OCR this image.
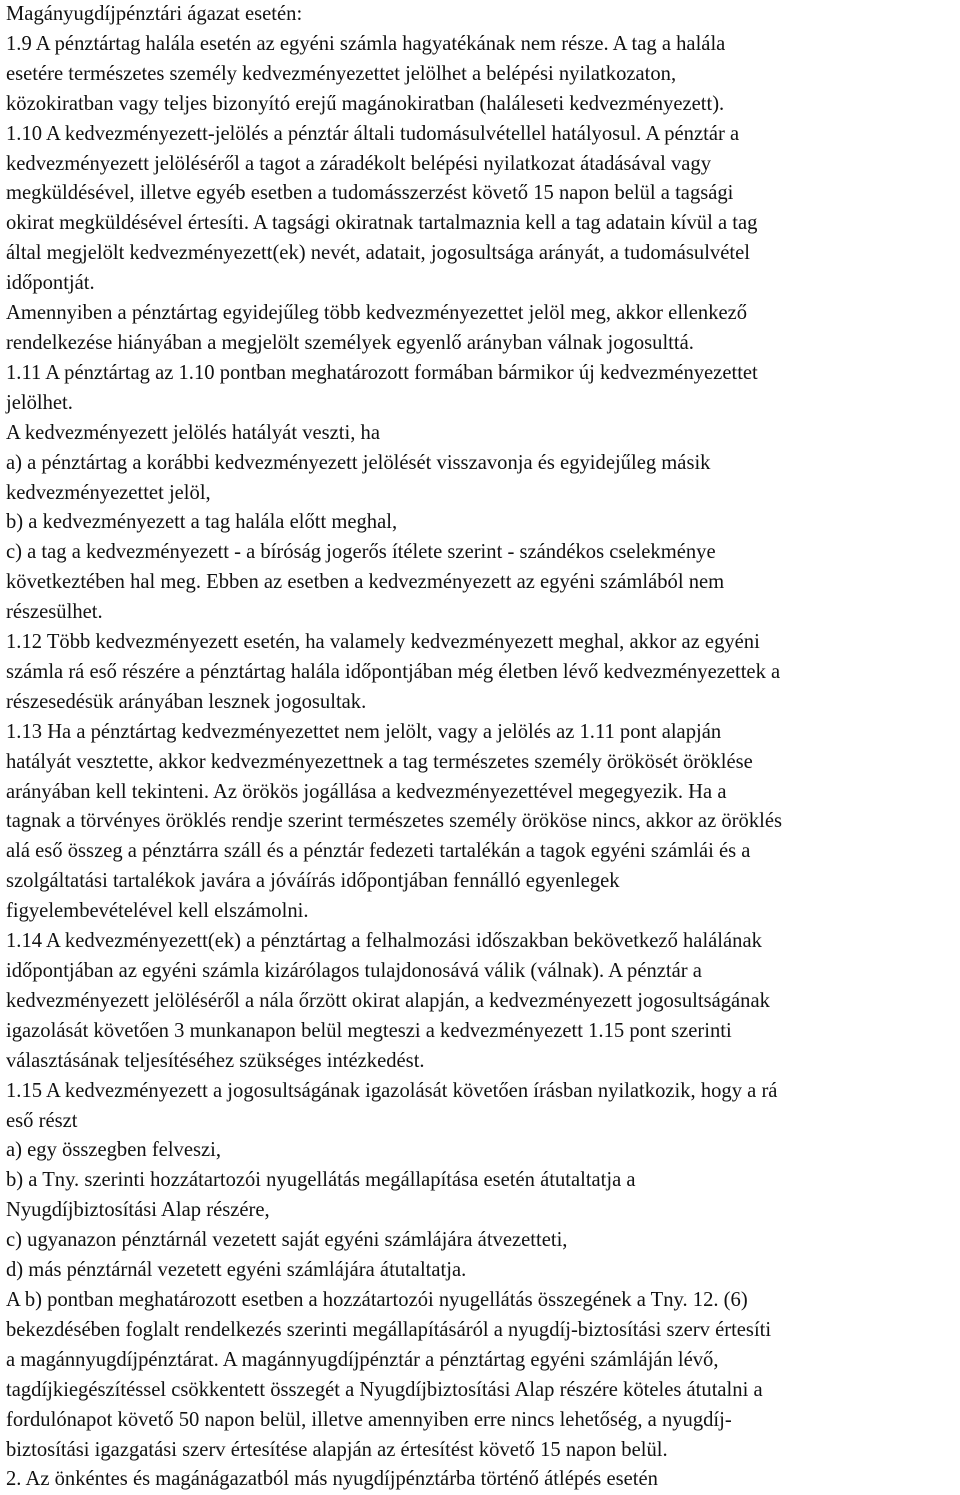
Magányugdíjpénztári ágazat esetén:
1.9 A pénztártag halála esetén az egyéni számla hagyatékának nem része. A tag a halála
esetére természetes személy kedvezményezettet jelölhet a belépési nyilatkozaton,
közokiratban vagy teljes bizonyító erejű magánokiratban (haláleseti kedvezményezett).
1.10 A kedvezményezett-jelölés a pénztár általi tudomásulvétellel hatályosul. A pénztár a
kedvezményezett jelöléséről a tagot a záradékolt belépési nyilatkozat átadásával vagy
megküldésével, illetve egyéb esetben a tudomásszerzést követő 15 napon belül a tagsági
okirat megküldésével értesíti. A tagsági okiratnak tartalmaznia kell a tag adatain kívül a tag
által megjelölt kedvezményezett(ek) nevét, adatait, jogosultsága arányát, a tudomásulvétel
időpontját.
Amennyiben a pénztártag egyidejűleg több kedvezményezettet jelöl meg, akkor ellenkező
rendelkezése hiányában a megjelölt személyek egyenlő arányban válnak jogosulttá.
1.11 A pénztártag az 1.10 pontban meghatározott formában bármikor új kedvezményezettet
jelölhet.
A kedvezményezett jelölés hatályát veszti, ha
a) a pénztártag a korábbi kedvezményezett jelölését visszavonja és egyidejűleg másik
kedvezményezettet jelöl,
b) a kedvezményezett a tag halála előtt meghal,
c) a tag a kedvezményezett - a bíróság jogerős ítélete szerint - szándékos cselekménye
következtében hal meg. Ebben az esetben a kedvezményezett az egyéni számlából nem
részesülhet.
1.12 Több kedvezményezett esetén, ha valamely kedvezményezett meghal, akkor az egyéni
számla rá eső részére a pénztártag halála időpontjában még életben lévő kedvezményezettek a
részesedésük arányában lesznek jogosultak.
1.13 Ha a pénztártag kedvezményezettet nem jelölt, vagy a jelölés az 1.11 pont alapján
hatályát vesztette, akkor kedvezményezettnek a tag természetes személy örökösét öröklése
arányában kell tekinteni. Az örökös jogállása a kedvezményezettével megegyezik. Ha a
tagnak a törvényes öröklés rendje szerint természetes személy örököse nincs, akkor az öröklés
alá eső összeg a pénztárra száll és a pénztár fedezeti tartalékán a tagok egyéni számlái és a
szolgáltatási tartalékok javára a jóváírás időpontjában fennálló egyenlegek
figyelembevételével kell elszámolni.
1.14 A kedvezményezett(ek) a pénztártag a felhalmozási időszakban bekövetkező halálának
időpontjában az egyéni számla kizárólagos tulajdonosává válik (válnak). A pénztár a
kedvezményezett jelöléséről a nála őrzött okirat alapján, a kedvezményezett jogosultságának
igazolását követően 3 munkanapon belül megteszi a kedvezményezett 1.15 pont szerinti
választásának teljesítéséhez szükséges intézkedést.
1.15 A kedvezményezett a jogosultságának igazolását követően írásban nyilatkozik, hogy a rá
eső részt
a) egy összegben felveszi,
b) a Tny. szerinti hozzátartozói nyugellátás megállapítása esetén átutaltatja a
Nyugdíjbiztosítási Alap részére,
c) ugyanazon pénztárnál vezetett saját egyéni számlájára átvezetteti,
d) más pénztárnál vezetett egyéni számlájára átutaltatja.
A b) pontban meghatározott esetben a hozzátartozói nyugellátás összegének a Tny. 12. (6)
bekezdésében foglalt rendelkezés szerinti megállapításáról a nyugdíj-biztosítási szerv értesíti
a magánnyugdíjpénztárat. A magánnyugdíjpénztár a pénztártag egyéni számláján lévő,
tagdíjkiegészítéssel csökkentett összegét a Nyugdíjbiztosítási Alap részére köteles átutalni a
fordulónapot követő 50 napon belül, illetve amennyiben erre nincs lehetőség, a nyugdíj-
biztosítási igazgatási szerv értesítése alapján az értesítést követő 15 napon belül.
2. Az önkéntes és magánágazatból más nyugdíjpénztárba történő átlépés esetén
